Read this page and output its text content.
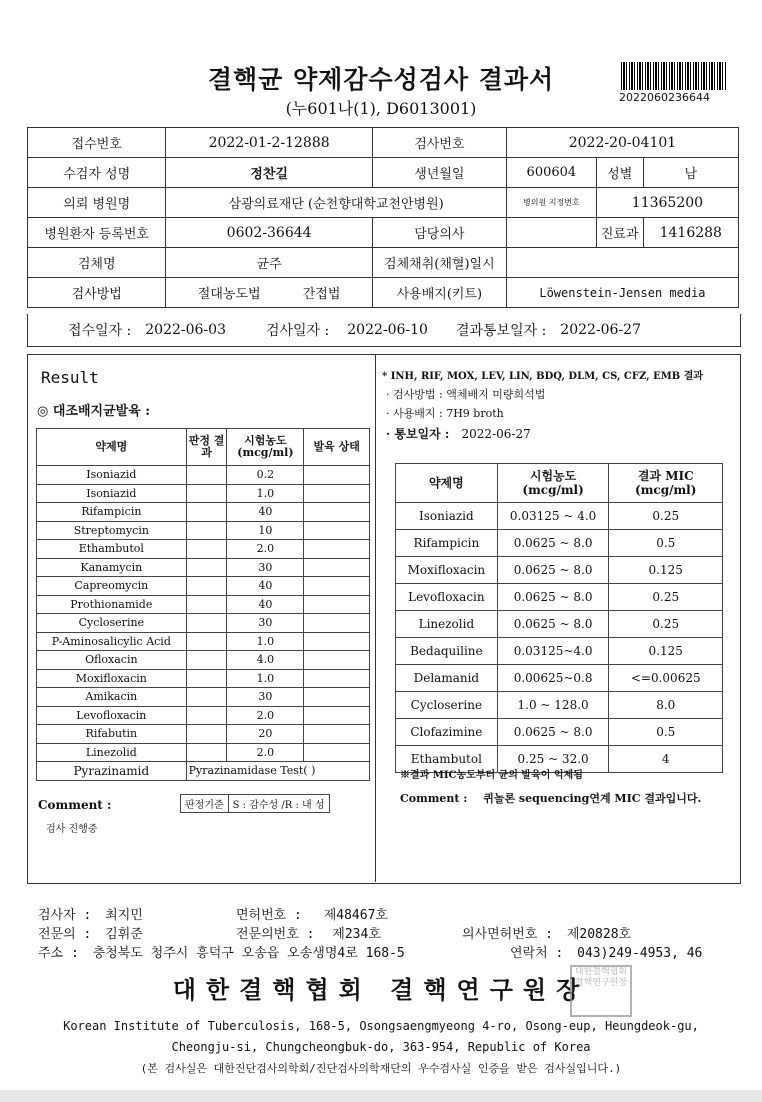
결핵균 약제감수성검사 결과서
(누601나(1), D6013001)
2022060236644
접수번호	2022-01-2-12888	검사번호	2022-20-04101		
수검자 성명	정찬길	생년월일	600604	성별	남
의뢰 병원명	삼광의료재단 (순천향대학교천안병원)		병의원 지정번호	11365200	
병원환자 등록번호	0602-36644	담당의사		진료과	1416288
검체명	균주	검체채취(채혈)일시			
검사방법	절대농도법 간접법	사용배지(키트)	Löwenstein-Jensen media		
접수일자 : 2022-06-03	검사일자 : 2022-06-10 결과통보일자 : 2022-06-27
Result
◎ 대조배지균발육 :
약제명	판정 결과	시험농도 (mcg/ml)	발육 상태
Isoniazid		0.2	
Isoniazid		1.0	
Rifampicin		40	
Streptomycin		10	
Ethambutol		2.0	
Kanamycin		30	
Capreomycin		40	
Prothionamide		40	
Cycloserine		30	
P-Aminosalicylic Acid		1.0	
Ofloxacin		4.0	
Moxifloxacin		1.0	
Amikacin		30	
Levofloxacin		2.0	
Rifabutin		20	
Linezolid		2.0	
Pyrazinamid	Pyrazinamidase Test( )		
Comment :
검사 진행중
판정기준 S : 감수성 /R : 내 성
* INH, RIF, MOX, LEV, LIN, BDQ, DLM, CS, CFZ, EMB 결과
· 검사방법 : 액체배지 미량희석법
· 사용배지 : 7H9 broth
· 통보일자 : 2022-06-27
약제명	시험농도 (mcg/ml)	결과 MIC (mcg/ml)
Isoniazid	0.03125 ~ 4.0	0.25
Rifampicin	0.0625 ~ 8.0	0.5
Moxifloxacin	0.0625 ~ 8.0	0.125
Levofloxacin	0.0625 ~ 8.0	0.25
Linezolid	0.0625 ~ 8.0	0.25
Bedaquiline	0.03125~4.0	0.125
Delamanid	0.00625~0.8	<=0.00625
Cycloserine	1.0 ~ 128.0	8.0
Clofazimine	0.0625 ~ 8.0	0.5
Ethambutol	0.25 ~ 32.0	4
※결과 MIC농도부터 균의 발육이 억제됨
Comment : 퀴놀론 sequencing연계 MIC 결과입니다.
검사자 : 최지민	면허번호 : 제48467호
전문의 : 김휘준	전문의번호 : 제234호	의사면허번호 : 제20828호
주소 : 충청북도 청주시 흥덕구 오송읍 오송생명4로 168-5	연락처 : 043)249-4953, 46
대한결핵협회 결핵연구원장
대한결핵협회결핵연구원장
Korean Institute of Tuberculosis, 168-5, Osongsaengmyeong 4-ro, Osong-eup, Heungdeok-gu,
Cheongju-si, Chungcheongbuk-do, 363-954, Republic of Korea
(본 검사실은 대한진단검사의학회/진단검사의학재단의 우수검사실 인증을 받은 검사실입니다.)
